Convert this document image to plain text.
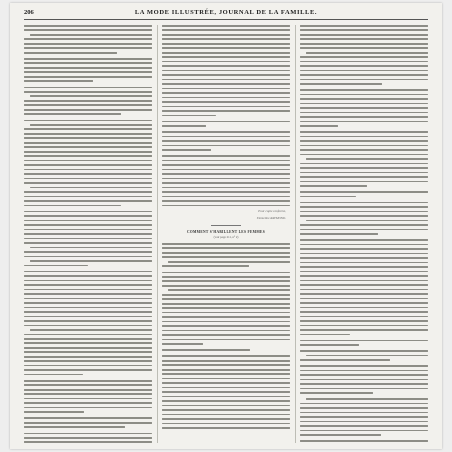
206	LA MODE ILLUSTRÉE, JOURNAL DE LA FAMILLE.
Pour copie conforme,
Emmeline RAYMOND.
COMMENT S'HABILLENT LES FEMMES
(voir page 211, n° 2)
